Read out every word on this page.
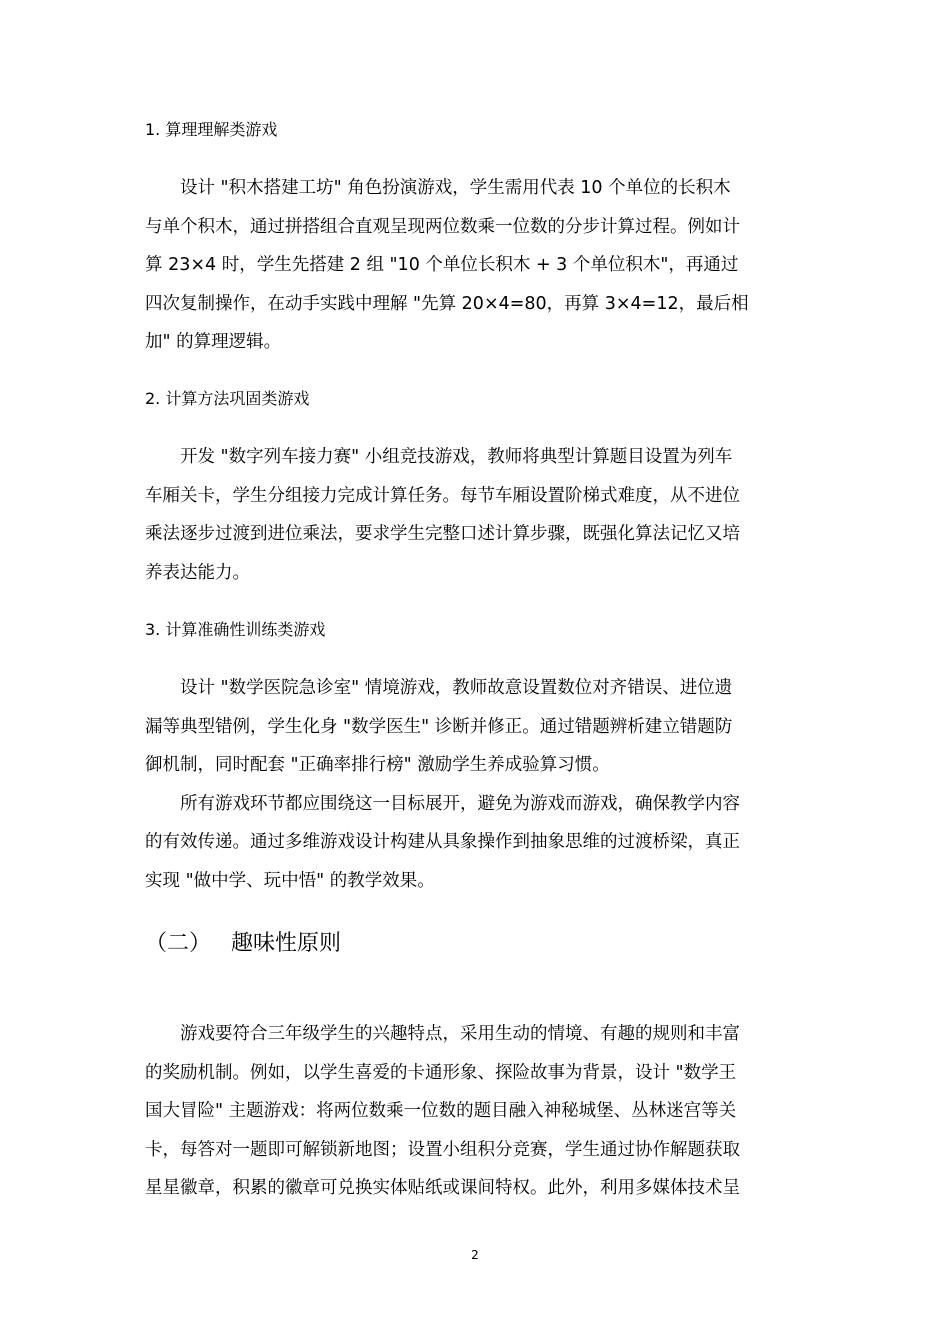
1. 算理理解类游戏
　　设计 "积木搭建工坊" 角色扮演游戏，学生需用代表 10 个单位的长积木
与单个积木，通过拼搭组合直观呈现两位数乘一位数的分步计算过程。例如计
算 23×4 时，学生先搭建 2 组 "10 个单位长积木 + 3 个单位积木"，再通过
四次复制操作，在动手实践中理解 "先算 20×4=80，再算 3×4=12，最后相
加" 的算理逻辑。
2. 计算方法巩固类游戏
　　开发 "数字列车接力赛" 小组竞技游戏，教师将典型计算题目设置为列车
车厢关卡，学生分组接力完成计算任务。每节车厢设置阶梯式难度，从不进位
乘法逐步过渡到进位乘法，要求学生完整口述计算步骤，既强化算法记忆又培
养表达能力。
3. 计算准确性训练类游戏
　　设计 "数学医院急诊室" 情境游戏，教师故意设置数位对齐错误、进位遗
漏等典型错例，学生化身 "数学医生" 诊断并修正。通过错题辨析建立错题防
御机制，同时配套 "正确率排行榜" 激励学生养成验算习惯。
　　所有游戏环节都应围绕这一目标展开，避免为游戏而游戏，确保教学内容
的有效传递。通过多维游戏设计构建从具象操作到抽象思维的过渡桥梁，真正
实现 "做中学、玩中悟" 的教学效果。
（二） 趣味性原则
　　游戏要符合三年级学生的兴趣特点，采用生动的情境、有趣的规则和丰富
的奖励机制。例如，以学生喜爱的卡通形象、探险故事为背景，设计 "数学王
国大冒险" 主题游戏：将两位数乘一位数的题目融入神秘城堡、丛林迷宫等关
卡，每答对一题即可解锁新地图；设置小组积分竞赛，学生通过协作解题获取
星星徽章，积累的徽章可兑换实体贴纸或课间特权。此外，利用多媒体技术呈
2
